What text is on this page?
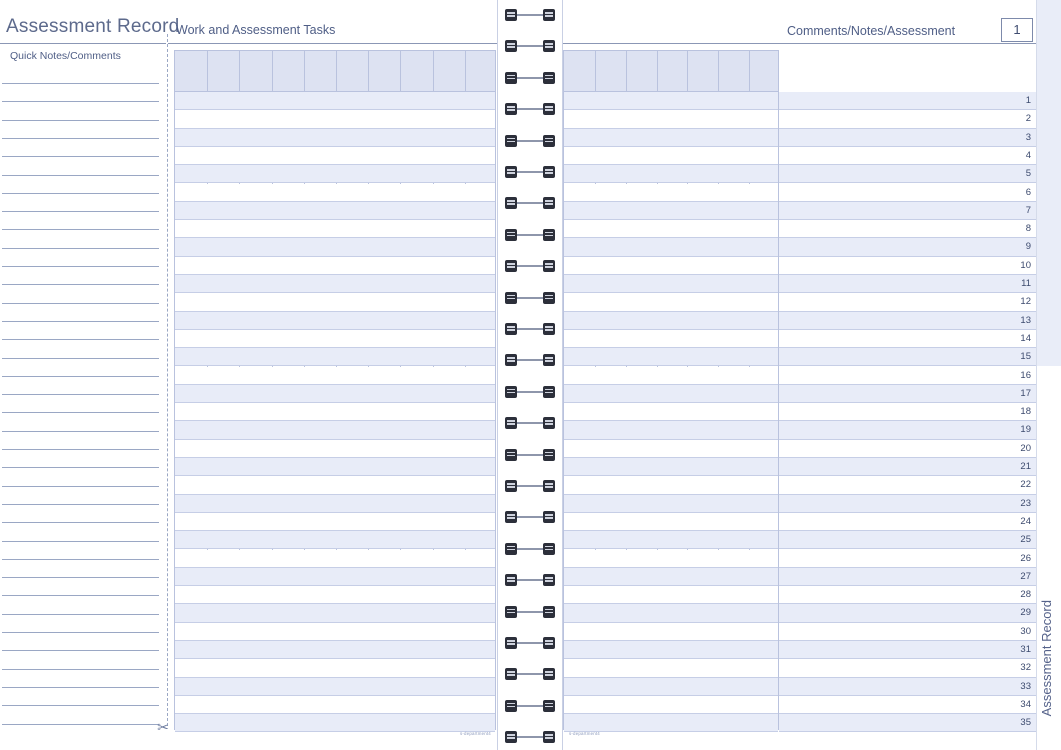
Assessment Record
Quick Notes/Comments
✂
Work and Assessment Tasks
s-department4
Comments/Notes/Assessment	1
1
2
3
4
5
6
7
8
9
10
11
12
13
14
15
16
17
18
19
20
21
22
23
24
25
26
27
28
29
30
31
32
33
34
35
s-department4
Assessment Record
